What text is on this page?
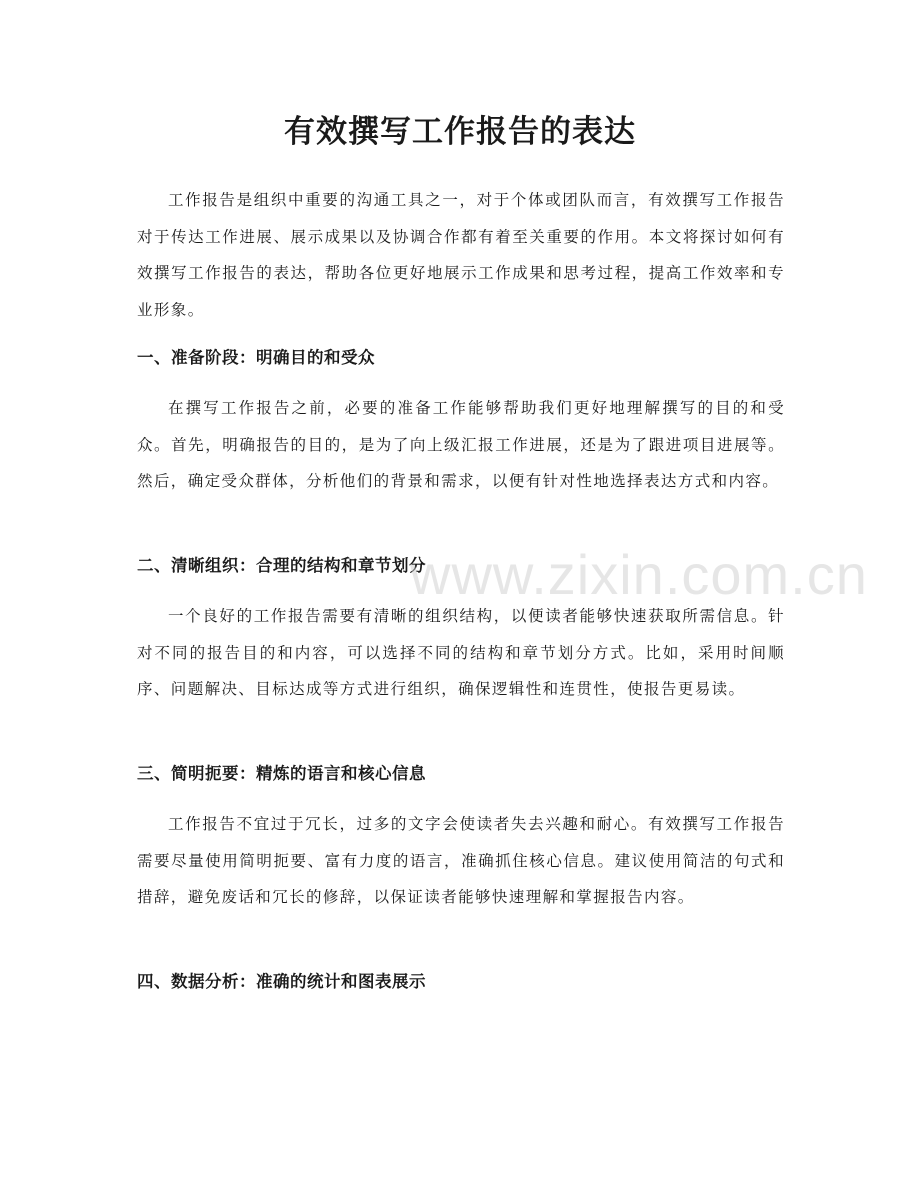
有效撰写工作报告的表达

工作报告是组织中重要的沟通工具之一，对于个体或团队而言，有效撰写工作报告对于传达工作进展、展示成果以及协调合作都有着至关重要的作用。本文将探讨如何有效撰写工作报告的表达，帮助各位更好地展示工作成果和思考过程，提高工作效率和专业形象。

一、准备阶段：明确目的和受众

在撰写工作报告之前，必要的准备工作能够帮助我们更好地理解撰写的目的和受众。首先，明确报告的目的，是为了向上级汇报工作进展，还是为了跟进项目进展等。然后，确定受众群体，分析他们的背景和需求，以便有针对性地选择表达方式和内容。

二、清晰组织：合理的结构和章节划分

一个良好的工作报告需要有清晰的组织结构，以便读者能够快速获取所需信息。针对不同的报告目的和内容，可以选择不同的结构和章节划分方式。比如，采用时间顺序、问题解决、目标达成等方式进行组织，确保逻辑性和连贯性，使报告更易读。

三、简明扼要：精炼的语言和核心信息

工作报告不宜过于冗长，过多的文字会使读者失去兴趣和耐心。有效撰写工作报告需要尽量使用简明扼要、富有力度的语言，准确抓住核心信息。建议使用简洁的句式和措辞，避免废话和冗长的修辞，以保证读者能够快速理解和掌握报告内容。

四、数据分析：准确的统计和图表展示
www.zixin.com.cn
